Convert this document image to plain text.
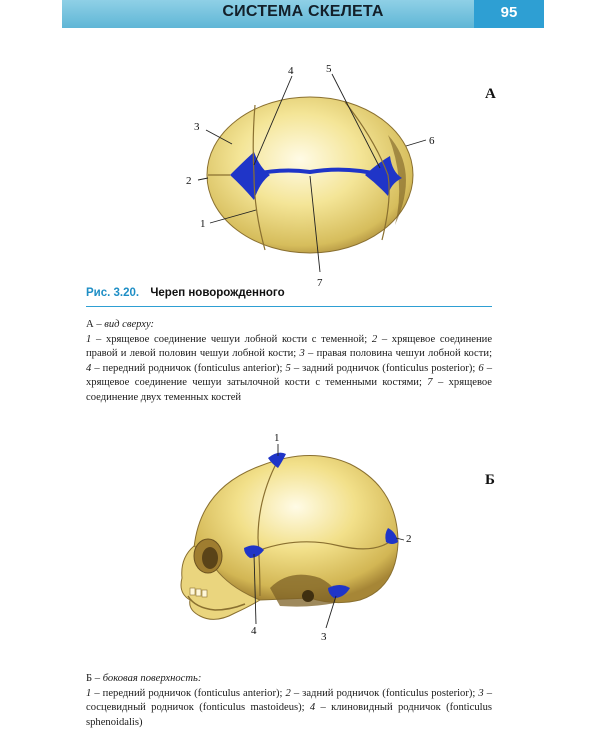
СИСТЕМА СКЕЛЕТА	95
А
4	5
3
6
2
1
7
Рис. 3.20. Череп новорожденного

А – вид сверху:

1 – хрящевое соединение чешуи лобной кости с теменной; 2 – хрящевое соединение правой и левой половин чешуи лобной кости; 3 – правая половина чешуи лобной кости; 4 – передний родничок (fonticulus anterior); 5 – задний родничок (fonticulus posterior); 6 – хрящевое соединение чешуи затылочной кости с теменными костями; 7 – хрящевое соединение двух теменных костей

Б
1
2
3
4

Б – боковая поверхность:

1 – передний родничок (fonticulus anterior); 2 – задний родничок (fonticulus posterior); 3 – сосцевидный родничок (fonticulus mastoideus); 4 – клиновидный родничок (fonticulus sphenoidalis)
